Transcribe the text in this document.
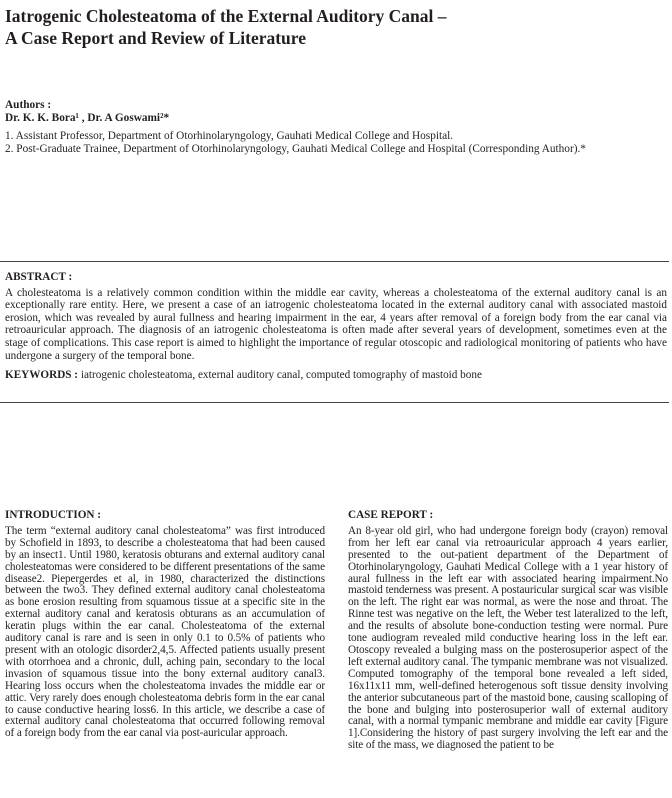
Iatrogenic Cholesteatoma of the External Auditory Canal –
A Case Report and Review of Literature
Authors :
Dr. K. K. Bora¹ , Dr. A Goswami²*
1. Assistant Professor, Department of Otorhinolaryngology, Gauhati Medical College and Hospital.
2. Post-Graduate Trainee, Department of Otorhinolaryngology, Gauhati Medical College and Hospital (Corresponding Author).*
ABSTRACT :
A cholesteatoma is a relatively common condition within the middle ear cavity, whereas a cholesteatoma of the external auditory canal is an exceptionally rare entity. Here, we present a case of an iatrogenic cholesteatoma located in the external auditory canal with associated mastoid erosion, which was revealed by aural fullness and hearing impairment in the ear, 4 years after removal of a foreign body from the ear canal via retroauricular approach. The diagnosis of an iatrogenic cholesteatoma is often made after several years of development, sometimes even at the stage of complications. This case report is aimed to highlight the importance of regular otoscopic and radiological monitoring of patients who have undergone a surgery of the temporal bone.
KEYWORDS : iatrogenic cholesteatoma, external auditory canal, computed tomography of mastoid bone
INTRODUCTION :
The term “external auditory canal cholesteatoma” was first introduced by Schofield in 1893, to describe a cholesteatoma that had been caused by an insect1. Until 1980, keratosis obturans and external auditory canal cholesteatomas were considered to be different presentations of the same disease2. Piepergerdes et al, in 1980, characterized the distinctions between the two3. They defined external auditory canal cholesteatoma as bone erosion resulting from squamous tissue at a specific site in the external auditory canal and keratosis obturans as an accumulation of keratin plugs within the ear canal. Cholesteatoma of the external auditory canal is rare and is seen in only 0.1 to 0.5% of patients who present with an otologic disorder2,4,5. Affected patients usually present with otorrhoea and a chronic, dull, aching pain, secondary to the local invasion of squamous tissue into the bony external auditory canal3. Hearing loss occurs when the cholesteatoma invades the middle ear or attic. Very rarely does enough cholesteatoma debris form in the ear canal to cause conductive hearing loss6. In this article, we describe a case of external auditory canal cholesteatoma that occurred following removal of a foreign body from the ear canal via post-auricular approach.
CASE REPORT :
An 8-year old girl, who had undergone foreign body (crayon) removal from her left ear canal via retroauricular approach 4 years earlier, presented to the out-patient department of the Department of Otorhinolaryngology, Gauhati Medical College with a 1 year history of aural fullness in the left ear with associated hearing impairment.No mastoid tenderness was present. A postauricular surgical scar was visible on the left. The right ear was normal, as were the nose and throat. The Rinne test was negative on the left, the Weber test lateralized to the left, and the results of absolute bone-conduction testing were normal. Pure tone audiogram revealed mild conductive hearing loss in the left ear. Otoscopy revealed a bulging mass on the posterosuperior aspect of the left external auditory canal. The tympanic membrane was not visualized. Computed tomography of the temporal bone revealed a left sided, 16x11x11 mm, well-defined heterogenous soft tissue density involving the anterior subcutaneous part of the mastoid bone, causing scalloping of the bone and bulging into posterosuperior wall of external auditory canal, with a normal tympanic membrane and middle ear cavity [Figure 1].Considering the history of past surgery involving the left ear and the site of the mass, we diagnosed the patient to be
